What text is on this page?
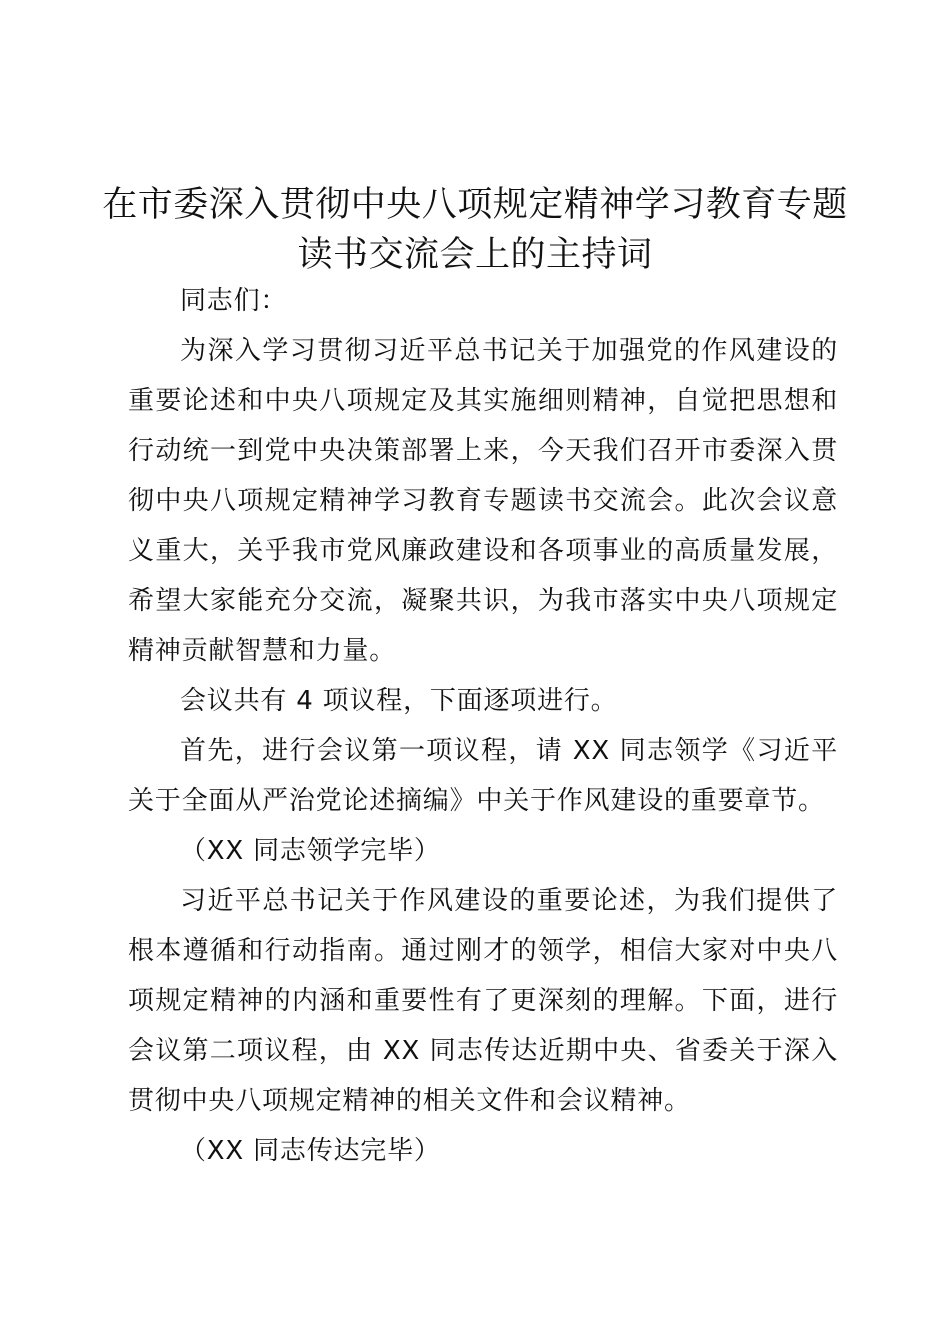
在市委深入贯彻中央八项规定精神学习教育专题读书交流会上的主持词

同志们：

为深入学习贯彻习近平总书记关于加强党的作风建设的重要论述和中央八项规定及其实施细则精神，自觉把思想和行动统一到党中央决策部署上来，今天我们召开市委深入贯彻中央八项规定精神学习教育专题读书交流会。此次会议意义重大，关乎我市党风廉政建设和各项事业的高质量发展，希望大家能充分交流，凝聚共识，为我市落实中央八项规定精神贡献智慧和力量。

会议共有 4 项议程，下面逐项进行。

首先，进行会议第一项议程，请 XX 同志领学《习近平关于全面从严治党论述摘编》中关于作风建设的重要章节。

（XX 同志领学完毕）

习近平总书记关于作风建设的重要论述，为我们提供了根本遵循和行动指南。通过刚才的领学，相信大家对中央八项规定精神的内涵和重要性有了更深刻的理解。下面，进行会议第二项议程，由 XX 同志传达近期中央、省委关于深入贯彻中央八项规定精神的相关文件和会议精神。

（XX 同志传达完毕）
